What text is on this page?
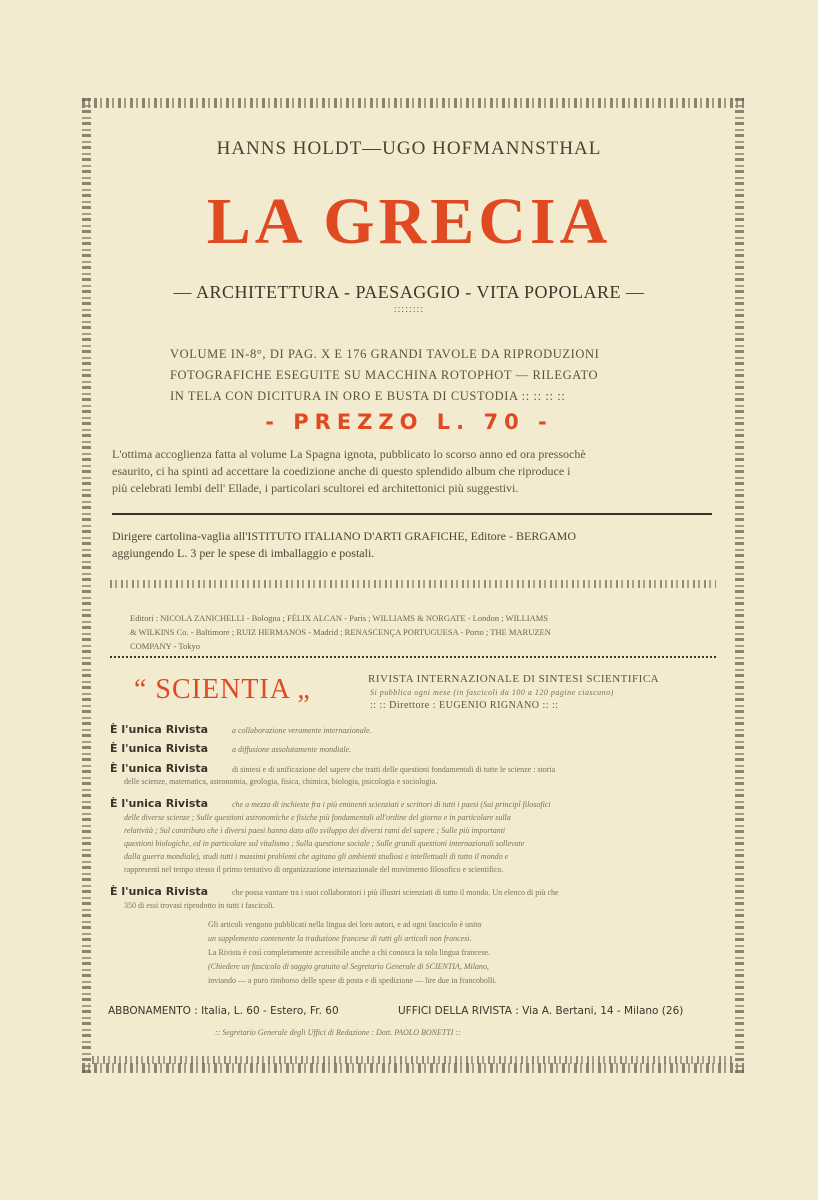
HANNS HOLDT—UGO HOFMANNSTHAL
LA GRECIA
— ARCHITETTURA - PAESAGGIO - VITA POPOLARE —
::::::::
VOLUME IN-8°, DI PAG. X E 176 GRANDI TAVOLE DA RIPRODUZIONI
FOTOGRAFICHE ESEGUITE SU MACCHINA ROTOPHOT — RILEGATO
IN TELA CON DICITURA IN ORO E BUSTA DI CUSTODIA :: :: :: ::
- PREZZO L. 70 -
L'ottima accoglienza fatta al volume La Spagna ignota, pubblicato lo scorso anno ed ora pressochè
esaurito, ci ha spinti ad accettare la coedizione anche di questo splendido album che riproduce i
più celebrati lembi dell' Ellade, i particolari scultorei ed architettonici più suggestivi.
Dirigere cartolina-vaglia all'ISTITUTO ITALIANO D'ARTI GRAFICHE, Editore - BERGAMO
aggiungendo L. 3 per le spese di imballaggio e postali.
Editori : NICOLA ZANICHELLI - Bologna ; FÉLIX ALCAN - Paris ; WILLIAMS & NORGATE - London ; WILLIAMS
& WILKINS Co. - Baltimore ; RUIZ HERMANOS - Madrid ; RENASCENÇA PORTUGUESA - Porto ; THE MARUZEN
COMPANY - Tokyo
“ SCIENTIA „	RIVISTA INTERNAZIONALE DI SINTESI SCIENTIFICA
Si pubblica ogni mese (in fascicoli da 100 a 120 pagine ciascuno)
:: :: Direttore : EUGENIO RIGNANO :: ::
È l'unica Rivista	a collaborazione veramente internazionale.
È l'unica Rivista	a diffusione assolutamente mondiale.
È l'unica Rivista	di sintesi e di unificazione del sapere che tratti delle questioni fondamentali di tutte le scienze : storia
delle scienze, matematica, astronomia, geologia, fisica, chimica, biologia, psicologia e sociologia.
È l'unica Rivista	che a mezzo di inchieste fra i più eminenti scienziati e scrittori di tutti i paesi (Sui principî filosofici
delle diverse scienze ; Sulle questioni astronomiche e fisiche più fondamentali all'ordine del giorno e in particolare sulla
relatività ; Sul contributo che i diversi paesi hanno dato allo sviluppo dei diversi rami del sapere ; Sulle più importanti
questioni biologiche, ed in particolare sul vitalismo ; Sulla questione sociale ; Sulle grandi questioni internazionali sollevate
dalla guerra mondiale), studi tutti i massimi problemi che agitano gli ambienti studiosi e intellettuali di tutto il mondo e
rappresenti nel tempo stesso il primo tentativo di organizzazione internazionale del movimento filosofico e scientifico.
È l'unica Rivista	che possa vantare tra i suoi collaboratori i più illustri scienziati di tutto il mondo. Un elenco di più che
350 di essi trovasi riprodotto in tutti i fascicoli.
Gli articoli vengono pubblicati nella lingua dei loro autori, e ad ogni fascicolo è unito
un supplemento contenente la traduzione francese di tutti gli articoli non francesi.
La Rivista è così completamente accessibile anche a chi conosca la sola lingua francese.
(Chiedere un fascicolo di saggio gratuito al Segretario Generale di SCIENTIA, Milano,
inviando — a puro rimborso delle spese di posta e di spedizione — lire due in francobolli.
ABBONAMENTO : Italia, L. 60 - Estero, Fr. 60	UFFICI DELLA RIVISTA : Via A. Bertani, 14 - Milano (26)
:: Segretario Generale degli Uffici di Redazione : Dott. PAOLO BONETTI ::
